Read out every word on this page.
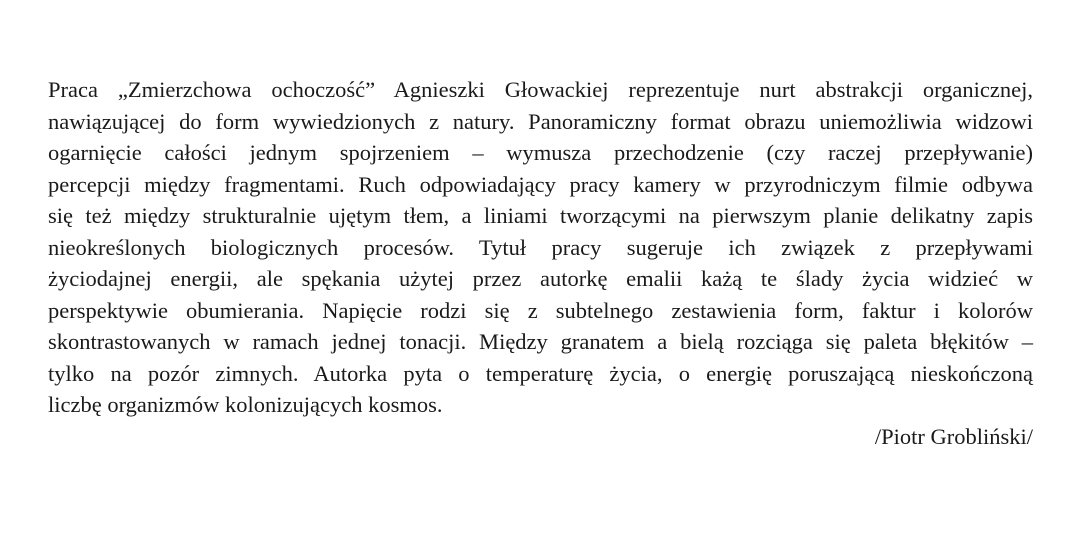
Praca „Zmierzchowa ochoczość” Agnieszki Głowackiej reprezentuje nurt abstrakcji organicznej,
nawiązującej do form wywiedzionych z natury. Panoramiczny format obrazu uniemożliwia widzowi
ogarnięcie całości jednym spojrzeniem – wymusza przechodzenie (czy raczej przepływanie)
percepcji między fragmentami. Ruch odpowiadający pracy kamery w przyrodniczym filmie odbywa
się też między strukturalnie ujętym tłem, a liniami tworzącymi na pierwszym planie delikatny zapis
nieokreślonych biologicznych procesów. Tytuł pracy sugeruje ich związek z przepływami
życiodajnej energii, ale spękania użytej przez autorkę emalii każą te ślady życia widzieć w
perspektywie obumierania. Napięcie rodzi się z subtelnego zestawienia form, faktur i kolorów
skontrastowanych w ramach jednej tonacji. Między granatem a bielą rozciąga się paleta błękitów –
tylko na pozór zimnych. Autorka pyta o temperaturę życia, o energię poruszającą nieskończoną
liczbę organizmów kolonizujących kosmos.
/Piotr Grobliński/
